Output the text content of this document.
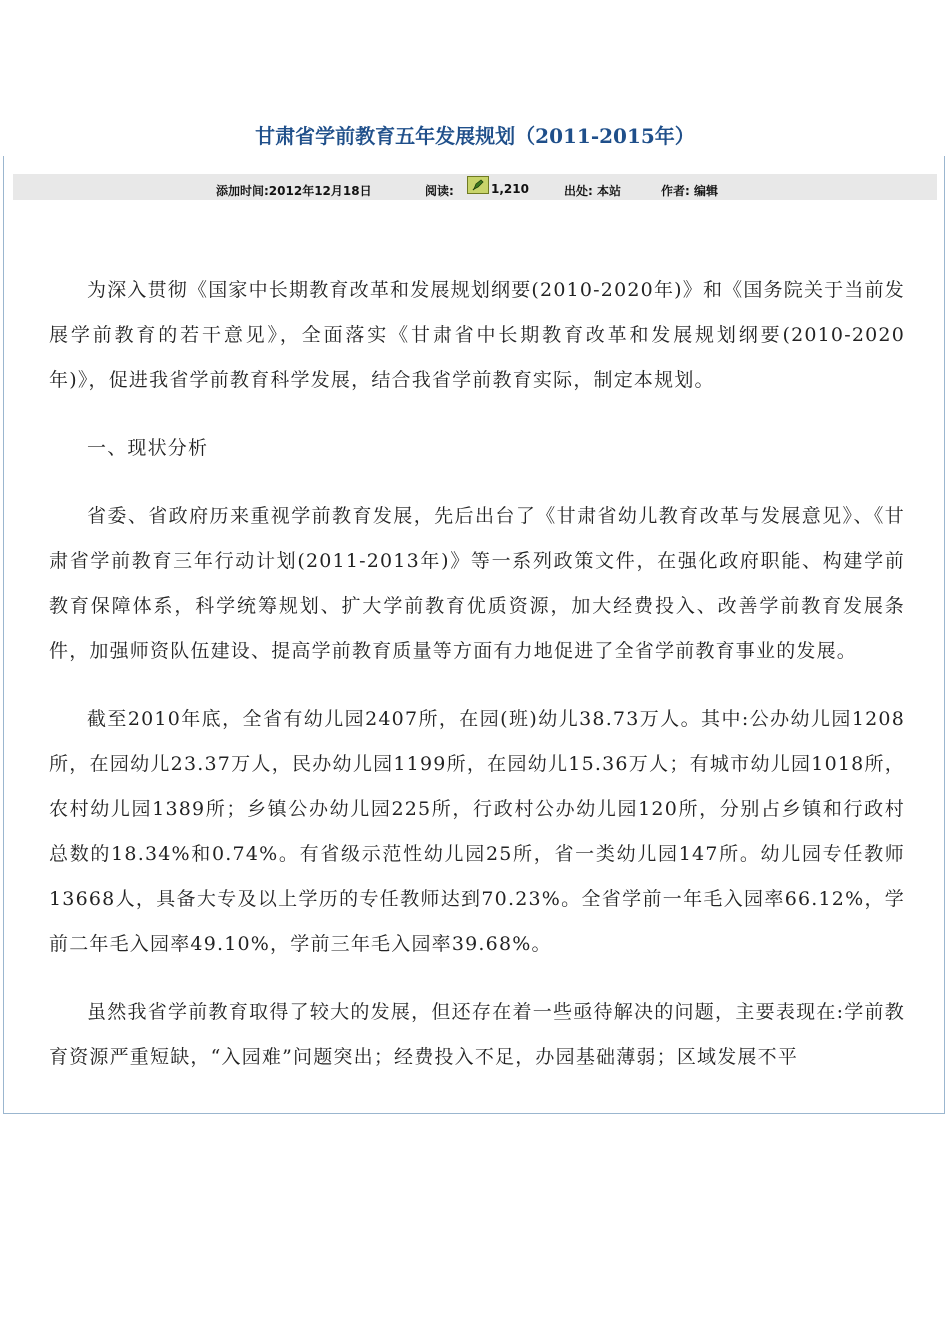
甘肃省学前教育五年发展规划（2011-2015年）
添加时间:2012年12月18日	阅读:	1,210	出处: 本站	作者: 编辑

为深入贯彻《国家中长期教育改革和发展规划纲要(2010-2020年)》和《国务院关于当前发展学前教育的若干意见》，全面落实《甘肃省中长期教育改革和发展规划纲要(2010-2020年)》，促进我省学前教育科学发展，结合我省学前教育实际，制定本规划。

一、现状分析

省委、省政府历来重视学前教育发展，先后出台了《甘肃省幼儿教育改革与发展意见》、《甘肃省学前教育三年行动计划(2011-2013年)》等一系列政策文件，在强化政府职能、构建学前教育保障体系，科学统筹规划、扩大学前教育优质资源，加大经费投入、改善学前教育发展条件，加强师资队伍建设、提高学前教育质量等方面有力地促进了全省学前教育事业的发展。

截至2010年底，全省有幼儿园2407所，在园(班)幼儿38.73万人。其中:公办幼儿园1208所，在园幼儿23.37万人，民办幼儿园1199所，在园幼儿15.36万人；有城市幼儿园1018所，农村幼儿园1389所；乡镇公办幼儿园225所，行政村公办幼儿园120所，分别占乡镇和行政村总数的18.34%和0.74%。有省级示范性幼儿园25所，省一类幼儿园147所。幼儿园专任教师13668人，具备大专及以上学历的专任教师达到70.23%。全省学前一年毛入园率66.12%，学前二年毛入园率49.10%，学前三年毛入园率39.68%。

虽然我省学前教育取得了较大的发展，但还存在着一些亟待解决的问题，主要表现在:学前教育资源严重短缺，“入园难”问题突出；经费投入不足，办园基础薄弱；区域发展不平
